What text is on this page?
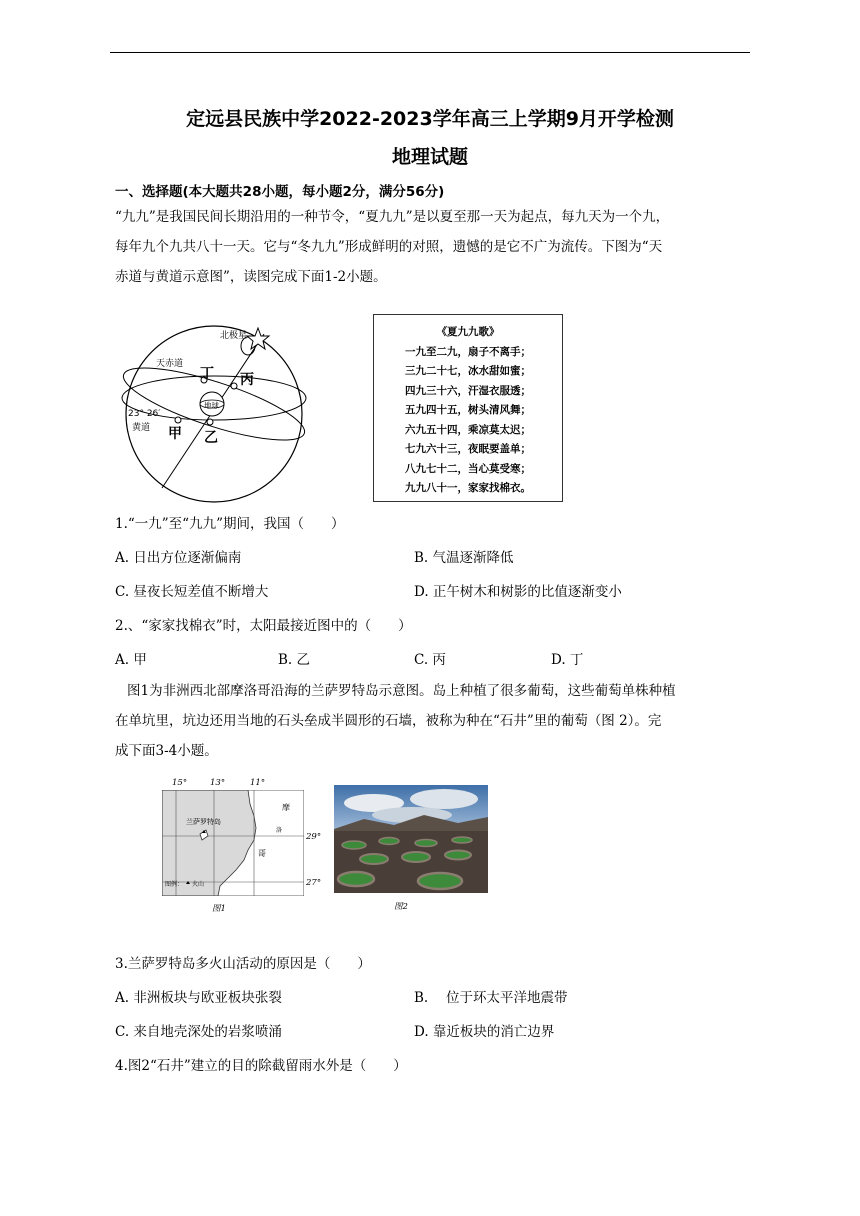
定远县民族中学2022-2023学年高三上学期9月开学检测
地理试题
一、选择题(本大题共28小题，每小题2分，满分56分)
“九九”是我国民间长期沿用的一种节令，“夏九九”是以夏至那一天为起点，每九天为一个九，
每年九个九共八十一天。它与“冬九九”形成鲜明的对照，遗憾的是它不广为流传。下图为“天
赤道与黄道示意图”，读图完成下面1-2小题。
北极星
天赤道
23° 26′
黄道
地球
丁 丙
甲 乙
《夏九九歌》
一九至二九，扇子不离手；
三九二十七，冰水甜如蜜；
四九三十六，汗湿衣服透；
五九四十五，树头清风舞；
六九五十四，乘凉莫太迟；
七九六十三，夜眠要盖单；
八九七十二，当心莫受寒；
九九八十一，家家找棉衣。
1.“一九”至“九九”期间，我国（　　）
A. 日出方位逐渐偏南	B. 气温逐渐降低
C. 昼夜长短差值不断增大	D. 正午树木和树影的比值逐渐变小
2.、“家家找棉衣”时，太阳最接近图中的（　　）
A. 甲	B. 乙	C. 丙	D. 丁
图1为非洲西北部摩洛哥沿海的兰萨罗特岛示意图。岛上种植了很多葡萄，这些葡萄单株种植
在单坑里，坑边还用当地的石头垒成半圆形的石墙，被称为种在“石井”里的葡萄（图 2）。完
成下面3-4小题。
15°	13°	11°
兰萨罗特岛
摩
洛
哥
图例： 火山
29°
27°
图1	图2
3.兰萨罗特岛多火山活动的原因是（　　）
A. 非洲板块与欧亚板块张裂	B.　 位于环太平洋地震带
C. 来自地壳深处的岩浆喷涌	D. 靠近板块的消亡边界
4.图2“石井”建立的目的除截留雨水外是（　　）
